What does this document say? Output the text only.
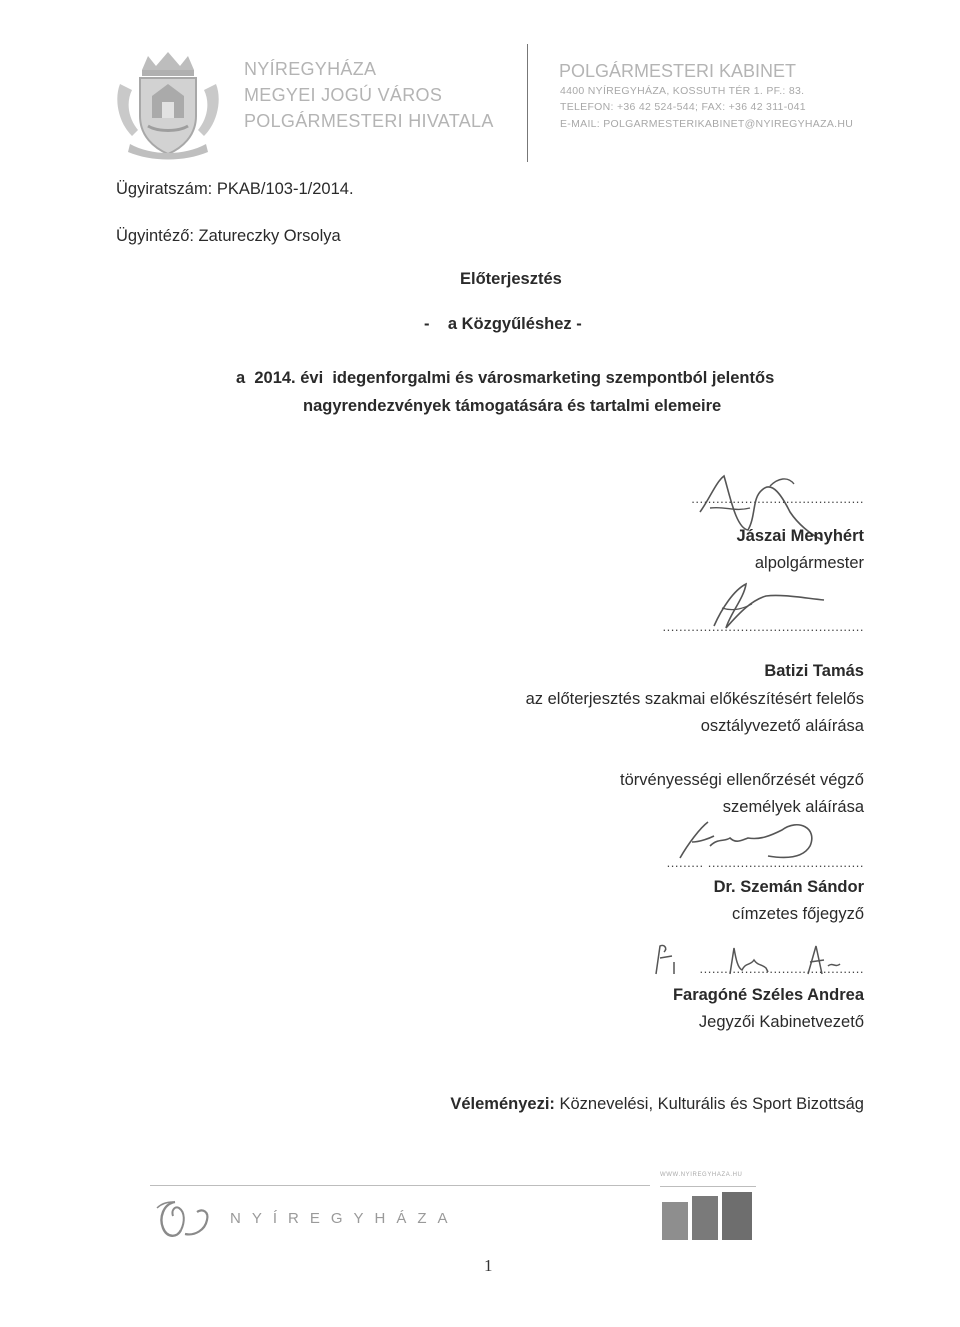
NYÍREGYHÁZA
MEGYEI JOGÚ VÁROS
POLGÁRMESTERI HIVATALA
POLGÁRMESTERI KABINET
4400 NYÍREGYHÁZA, KOSSUTH TÉR 1. PF.: 83.
TELEFON: +36 42 524-544; FAX: +36 42 311-041
E-MAIL: POLGARMESTERIKABINET@NYIREGYHAZA.HU
Ügyiratszám: PKAB/103-1/2014.
Ügyintéző: Zatureczky Orsolya
Előterjesztés
- a Közgyűléshez -
a  2014. évi  idegenforgalmi és városmarketing szempontból jelentős
nagyrendezvények támogatására és tartalmi elemeire
..........................................
Jászai Menyhért
alpolgármester
.................................................
Batizi Tamás
az előterjesztés szakmai előkészítésért felelős
osztályvezető aláírása
törvényességi ellenőrzését végző
személyek aláírása
......... ......................................
Dr. Szemán Sándor
címzetes főjegyző
........................................
Faragóné Széles Andrea
Jegyzői Kabinetvezető
Véleményezi: Köznevelési, Kulturális és Sport Bizottság
WWW.NYIREGYHAZA.HU
NYÍREGYHÁZA
1
